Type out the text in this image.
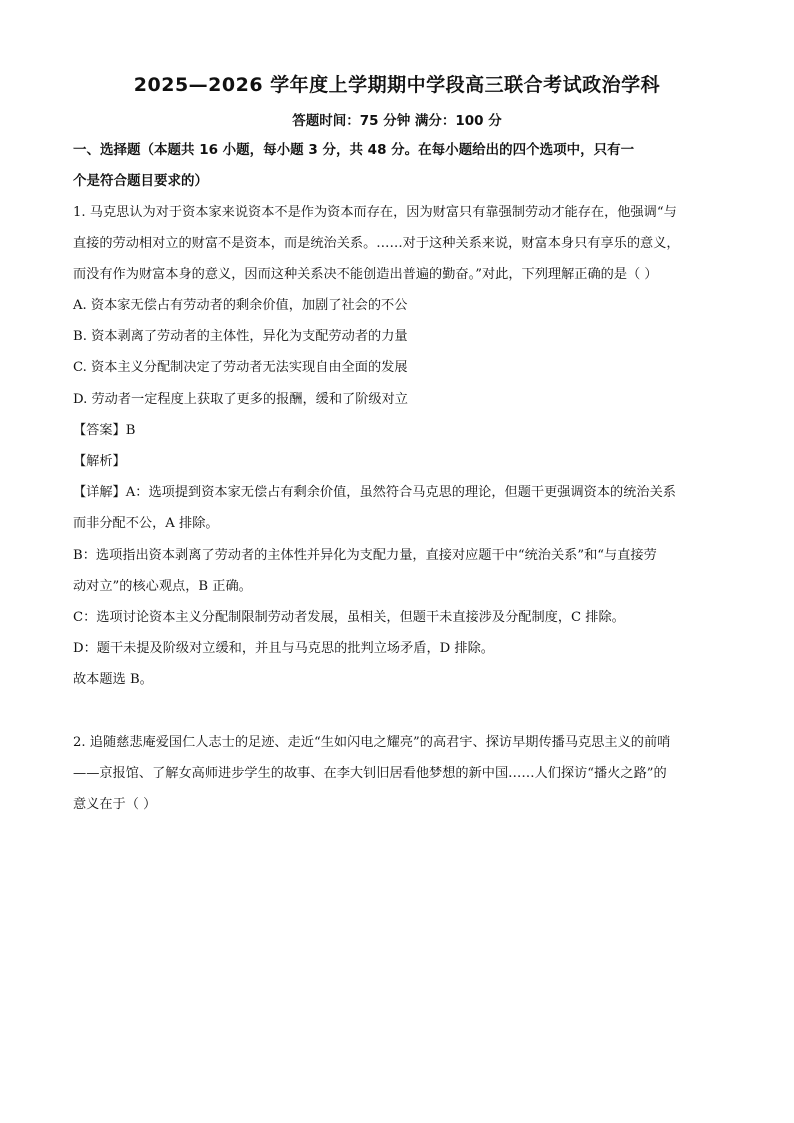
2025—2026 学年度上学期期中学段高三联合考试政治学科
答题时间：75 分钟 满分：100 分
一、选择题（本题共 16 小题，每小题 3 分，共 48 分。在每小题给出的四个选项中，只有一
个是符合题目要求的）
1. 马克思认为对于资本家来说资本不是作为资本而存在，因为财富只有靠强制劳动才能存在，他强调“与
直接的劳动相对立的财富不是资本，而是统治关系。……对于这种关系来说，财富本身只有享乐的意义，
而没有作为财富本身的意义，因而这种关系决不能创造出普遍的勤奋。”对此，下列理解正确的是（ ）
A. 资本家无偿占有劳动者的剩余价值，加剧了社会的不公
B. 资本剥离了劳动者的主体性，异化为支配劳动者的力量
C. 资本主义分配制决定了劳动者无法实现自由全面的发展
D. 劳动者一定程度上获取了更多的报酬，缓和了阶级对立
【答案】B
【解析】
【详解】A：选项提到资本家无偿占有剩余价值，虽然符合马克思的理论，但题干更强调资本的统治关系
而非分配不公，A 排除。
B：选项指出资本剥离了劳动者的主体性并异化为支配力量，直接对应题干中“统治关系”和“与直接劳
动对立”的核心观点，B 正确。
C：选项讨论资本主义分配制限制劳动者发展，虽相关，但题干未直接涉及分配制度，C 排除。
D：题干未提及阶级对立缓和，并且与马克思的批判立场矛盾，D 排除。
故本题选 B。
2. 追随慈悲庵爱国仁人志士的足迹、走近“生如闪电之耀亮”的高君宇、探访早期传播马克思主义的前哨
——京报馆、了解女高师进步学生的故事、在李大钊旧居看他梦想的新中国……人们探访“播火之路”的
意义在于（ ）
